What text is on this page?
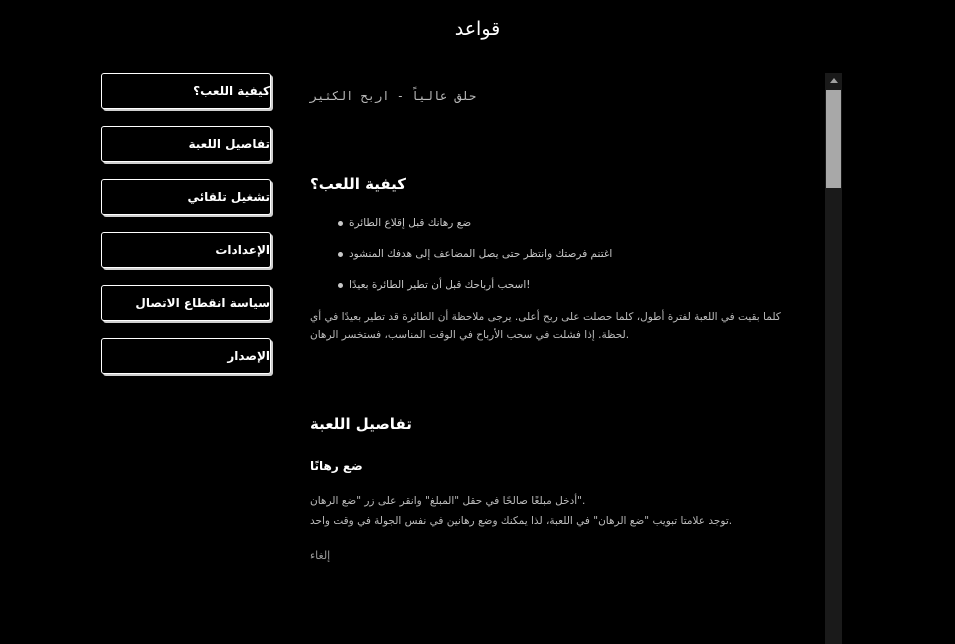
قواعد
كيفية اللعب؟
تفاصيل اللعبة
تشغيل تلقائي
الإعدادات
سياسة انقطاع الاتصال
الإصدار
حلق عالياً - اربح الكثير
كيفية اللعب؟
ضع رهانك قبل إقلاع الطائرة
اغتنم فرصتك وانتظر حتى يصل المضاعف إلى هدفك المنشود
!اسحب أرباحك قبل أن تطير الطائرة بعيدًا
كلما بقيت في اللعبة لفترة أطول، كلما حصلت على ربح أعلى. يرجى ملاحظة أن الطائرة قد تطير بعيدًا في أي
.لحظة. إذا فشلت في سحب الأرباح في الوقت المناسب، فستخسر الرهان
تفاصيل اللعبة
ضع رهانًا
."أدخل مبلغًا صالحًا في حقل "المبلغ" وانقر على زر "ضع الرهان
.توجد علامتا تبويب "ضع الرهان" في اللعبة، لذا يمكنك وضع رهانين في نفس الجولة في وقت واحد
إلغاء
